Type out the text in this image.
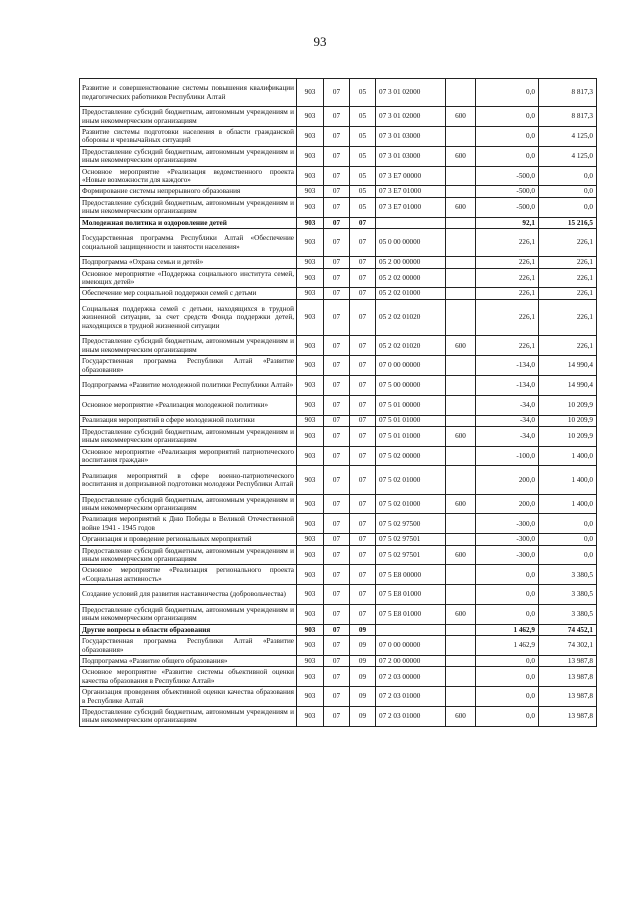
93
Развитие и совершенствование системы повышения квалификации педагогических работников Республики Алтай	903	07	05	07 3 01 02000		0,0	8 817,3
Предоставление субсидий бюджетным, автономным учреждениям и иным некоммерческим организациям	903	07	05	07 3 01 02000	600	0,0	8 817,3
Развитие системы подготовки населения в области гражданской обороны и чрезвычайных ситуаций	903	07	05	07 3 01 03000		0,0	4 125,0
Предоставление субсидий бюджетным, автономным учреждениям и иным некоммерческим организациям	903	07	05	07 3 01 03000	600	0,0	4 125,0
Основное мероприятие «Реализация ведомственного проекта «Новые возможности для каждого»	903	07	05	07 3 E7 00000		-500,0	0,0
Формирование системы непрерывного образования	903	07	05	07 3 E7 01000		-500,0	0,0
Предоставление субсидий бюджетным, автономным учреждениям и иным некоммерческим организациям	903	07	05	07 3 E7 01000	600	-500,0	0,0
Молодежная политика и оздоровление детей	903	07	07			92,1	15 216,5
Государственная программа Республики Алтай «Обеспечение социальной защищенности и занятости населения»	903	07	07	05 0 00 00000		226,1	226,1
Подпрограмма «Охрана семьи и детей»	903	07	07	05 2 00 00000		226,1	226,1
Основное мероприятие «Поддержка социального института семей, имеющих детей»	903	07	07	05 2 02 00000		226,1	226,1
Обеспечение мер социальной поддержки семей с детьми	903	07	07	05 2 02 01000		226,1	226,1
Социальная поддержка семей с детьми, находящихся в трудной жизненной ситуации, за счет средств Фонда поддержки детей, находящихся в трудной жизненной ситуации	903	07	07	05 2 02 01020		226,1	226,1
Предоставление субсидий бюджетным, автономным учреждениям и иным некоммерческим организациям	903	07	07	05 2 02 01020	600	226,1	226,1
Государственная программа Республики Алтай «Развитие образования»	903	07	07	07 0 00 00000		-134,0	14 990,4
Подпрограмма «Развитие молодежной политики Республики Алтай»	903	07	07	07 5 00 00000		-134,0	14 990,4
Основное мероприятие «Реализация молодежной политики»	903	07	07	07 5 01 00000		-34,0	10 209,9
Реализация мероприятий в сфере молодежной политики	903	07	07	07 5 01 01000		-34,0	10 209,9
Предоставление субсидий бюджетным, автономным учреждениям и иным некоммерческим организациям	903	07	07	07 5 01 01000	600	-34,0	10 209,9
Основное мероприятие «Реализация мероприятий патриотического воспитания граждан»	903	07	07	07 5 02 00000		-100,0	1 400,0
Реализация мероприятий в сфере военно-патриотического воспитания и допризывной подготовки молодежи Республики Алтай	903	07	07	07 5 02 01000		200,0	1 400,0
Предоставление субсидий бюджетным, автономным учреждениям и иным некоммерческим организациям	903	07	07	07 5 02 01000	600	200,0	1 400,0
Реализация мероприятий к Дню Победы в Великой Отечественной войне 1941 - 1945 годов	903	07	07	07 5 02 97500		-300,0	0,0
Организация и проведение региональных мероприятий	903	07	07	07 5 02 97501		-300,0	0,0
Предоставление субсидий бюджетным, автономным учреждениям и иным некоммерческим организациям	903	07	07	07 5 02 97501	600	-300,0	0,0
Основное мероприятие «Реализация регионального проекта «Социальная активность»	903	07	07	07 5 E8 00000		0,0	3 380,5
Создание условий для развития наставничества (добровольчества)	903	07	07	07 5 E8 01000		0,0	3 380,5
Предоставление субсидий бюджетным, автономным учреждениям и иным некоммерческим организациям	903	07	07	07 5 E8 01000	600	0,0	3 380,5
Другие вопросы в области образования	903	07	09			1 462,9	74 452,1
Государственная программа Республики Алтай «Развитие образования»	903	07	09	07 0 00 00000		1 462,9	74 302,1
Подпрограмма «Развитие общего образования»	903	07	09	07 2 00 00000		0,0	13 987,8
Основное мероприятие «Развитие системы объективной оценки качества образования в Республике Алтай»	903	07	09	07 2 03 00000		0,0	13 987,8
Организация проведения объективной оценки качества образования в Республике Алтай	903	07	09	07 2 03 01000		0,0	13 987,8
Предоставление субсидий бюджетным, автономным учреждениям и иным некоммерческим организациям	903	07	09	07 2 03 01000	600	0,0	13 987,8
